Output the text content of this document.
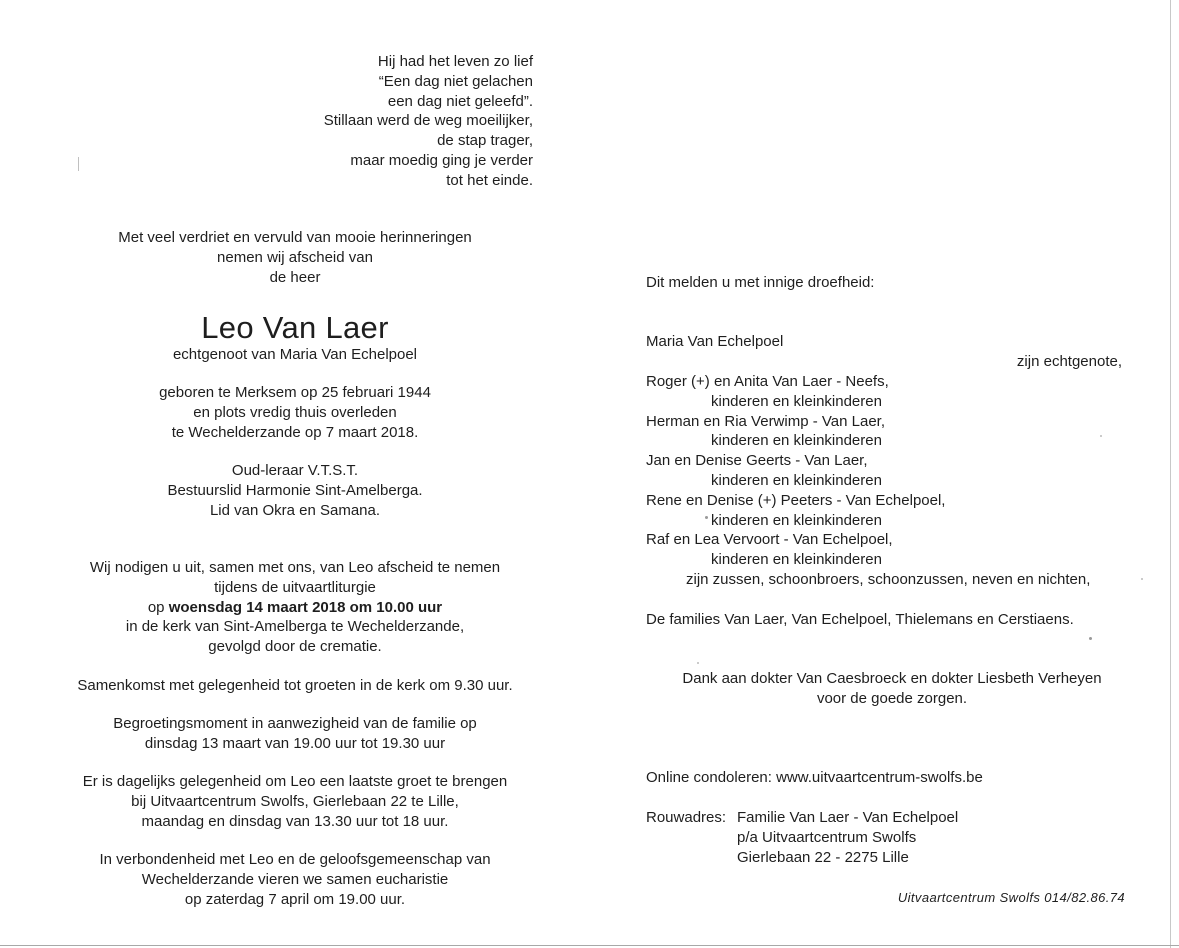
Hij had het leven zo lief
“Een dag niet gelachen
een dag niet geleefd”.
Stillaan werd de weg moeilijker,
de stap trager,
maar moedig ging je verder
tot het einde.
Met veel verdriet en vervuld van mooie herinneringen
nemen wij afscheid van
de heer
Leo Van Laer
echtgenoot van Maria Van Echelpoel
geboren te Merksem op 25 februari 1944
en plots vredig thuis overleden
te Wechelderzande op 7 maart 2018.
Oud-leraar V.T.S.T.
Bestuurslid Harmonie Sint-Amelberga.
Lid van Okra en Samana.
Wij nodigen u uit, samen met ons, van Leo afscheid te nemen
tijdens de uitvaartliturgie
op woensdag 14 maart 2018 om 10.00 uur
in de kerk van Sint-Amelberga te Wechelderzande,
gevolgd door de crematie.
Samenkomst met gelegenheid tot groeten in de kerk om 9.30 uur.
Begroetingsmoment in aanwezigheid van de familie op
dinsdag 13 maart van 19.00 uur tot 19.30 uur
Er is dagelijks gelegenheid om Leo een laatste groet te brengen
bij Uitvaartcentrum Swolfs, Gierlebaan 22 te Lille,
maandag en dinsdag van 13.30 uur tot 18 uur.
In verbondenheid met Leo en de geloofsgemeenschap van
Wechelderzande vieren we samen eucharistie
op zaterdag 7 april om 19.00 uur.
Dit melden u met innige droefheid:
Maria Van Echelpoel
zijn echtgenote,
Roger (+) en Anita Van Laer - Neefs,
kinderen en kleinkinderen
Herman en Ria Verwimp - Van Laer,
kinderen en kleinkinderen
Jan en Denise Geerts - Van Laer,
kinderen en kleinkinderen
Rene en Denise (+) Peeters - Van Echelpoel,
kinderen en kleinkinderen
Raf en Lea Vervoort - Van Echelpoel,
kinderen en kleinkinderen
zijn zussen, schoonbroers, schoonzussen, neven en nichten,
De families Van Laer, Van Echelpoel, Thielemans en Cerstiaens.
Dank aan dokter Van Caesbroeck en dokter Liesbeth Verheyen
voor de goede zorgen.
Online condoleren: www.uitvaartcentrum-swolfs.be
Rouwadres: Familie Van Laer - Van Echelpoel
p/a Uitvaartcentrum Swolfs
Gierlebaan 22 - 2275 Lille
Uitvaartcentrum Swolfs 014/82.86.74
